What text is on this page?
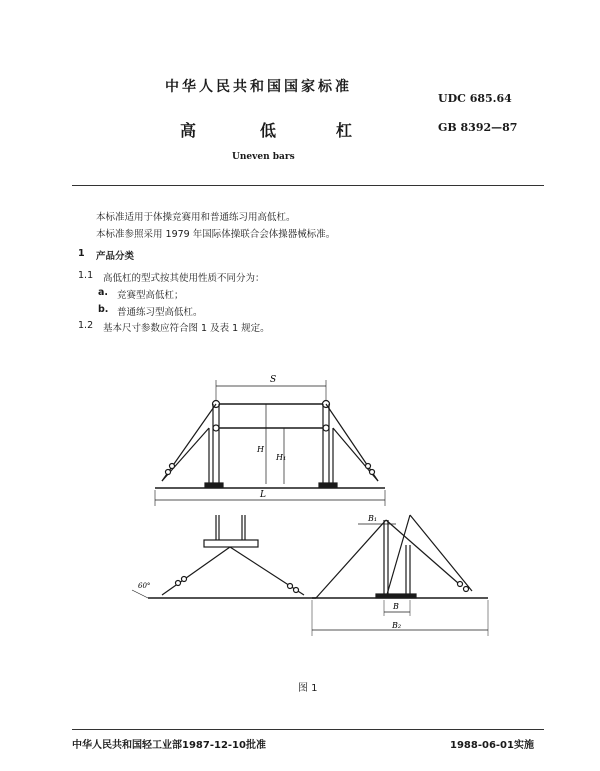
中华人民共和国国家标准
UDC 685.64
GB 8392—87
高	低	杠
Uneven bars
本标准适用于体操竞赛用和普通练习用高低杠。
本标准参照采用 1979 年国际体操联合会体操器械标准。
1 产品分类
1.1 高低杠的型式按其使用性质不同分为：
a. 竞赛型高低杠；
b. 普通练习型高低杠。
1.2 基本尺寸参数应符合图 1 及表 1 规定。
S
H
H₁
L
B₁
B
B₂
60°
图 1
中华人民共和国轻工业部1987-12-10批准	1988-06-01实施
